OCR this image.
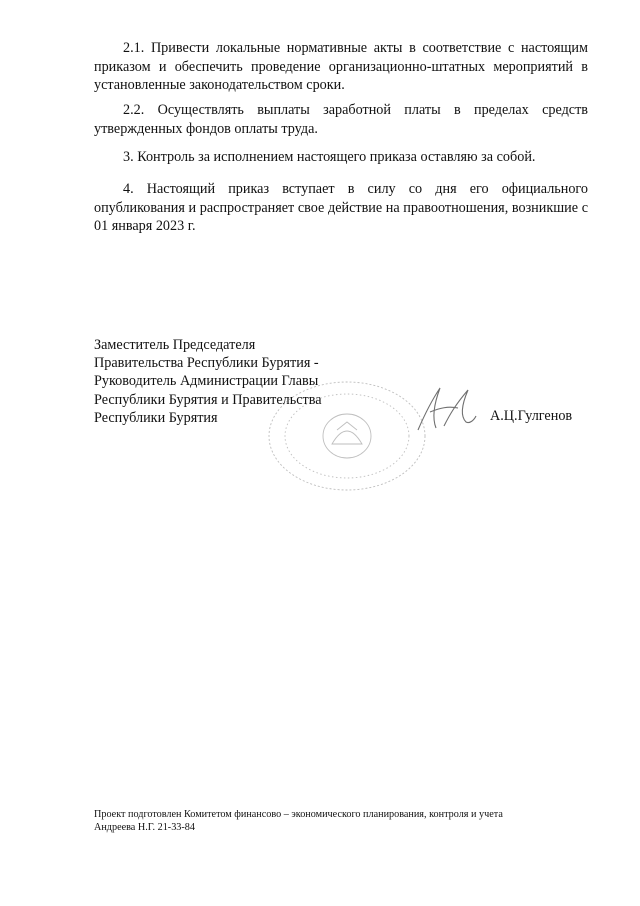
2.1. Привести локальные нормативные акты в соответствие с настоящим приказом и обеспечить проведение организационно-штатных мероприятий в установленные законодательством сроки.

2.2. Осуществлять выплаты заработной платы в пределах средств утвержденных фондов оплаты труда.

3. Контроль за исполнением настоящего приказа оставляю за собой.

4. Настоящий приказ вступает в силу со дня его официального опубликования и распространяет свое действие на правоотношения, возникшие с 01 января 2023 г.

Заместитель Председателя
Правительства Республики Бурятия -
Руководитель Администрации Главы
Республики Бурятия и Правительства
Республики Бурятия	А.Ц.Гулгенов
Проект подготовлен Комитетом финансово – экономического планирования, контроля и учета
Андреева Н.Г. 21-33-84
